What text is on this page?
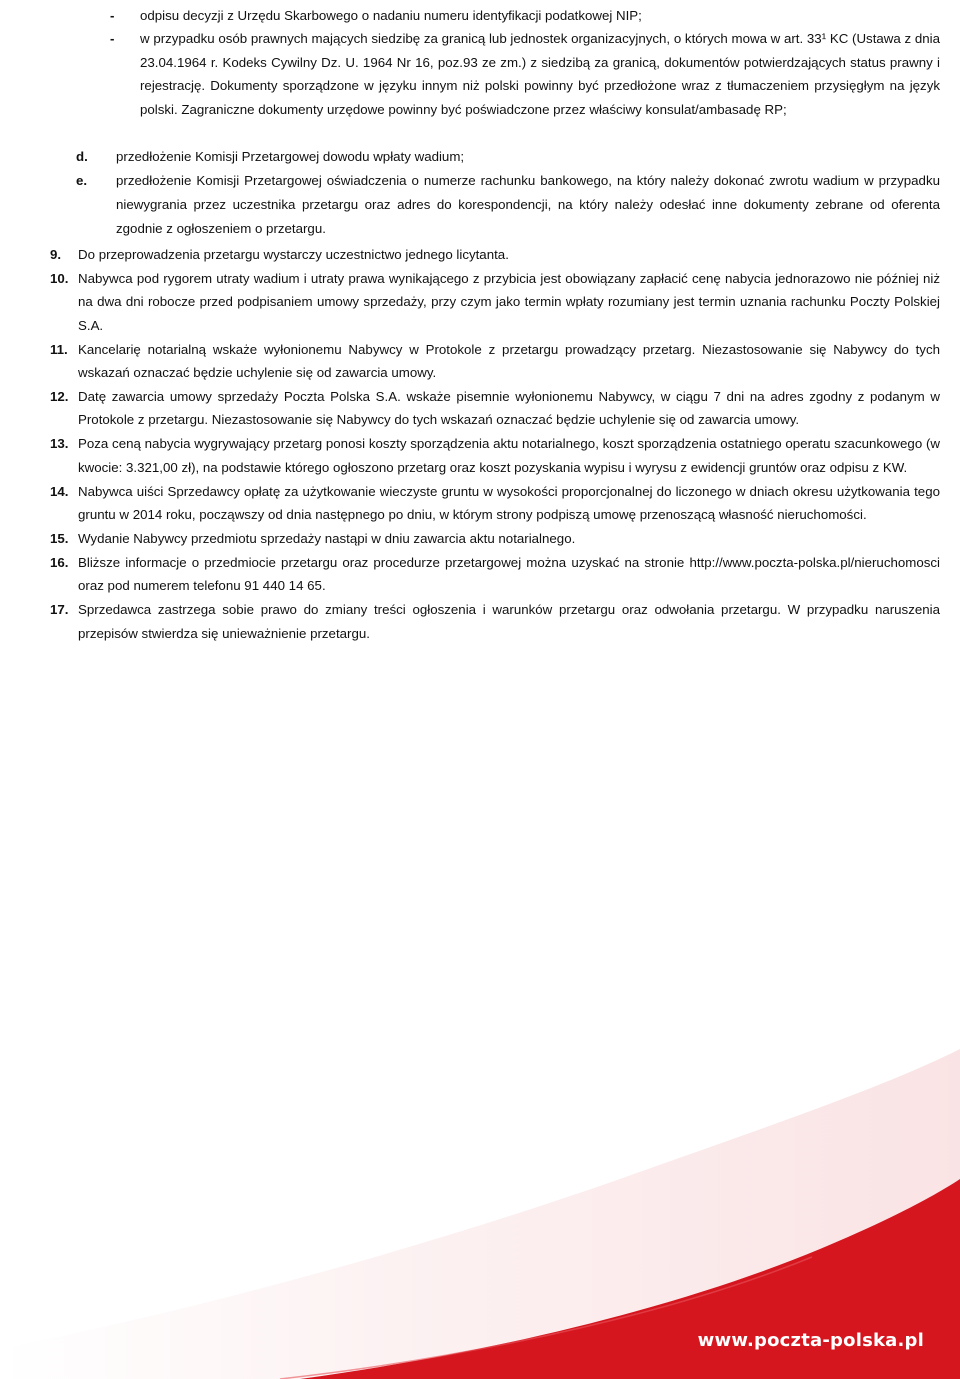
-	odpisu decyzji z Urzędu Skarbowego o nadaniu numeru identyfikacji podatkowej NIP;
-	w przypadku osób prawnych mających siedzibę za granicą lub jednostek organizacyjnych, o których mowa w art. 33¹ KC (Ustawa z dnia 23.04.1964 r. Kodeks Cywilny Dz. U. 1964 Nr 16, poz.93 ze zm.) z siedzibą za granicą, dokumentów potwierdzających status prawny i rejestrację. Dokumenty sporządzone w języku innym niż polski powinny być przedłożone wraz z tłumaczeniem przysięgłym na język polski. Zagraniczne dokumenty urzędowe powinny być poświadczone przez właściwy konsulat/ambasadę RP;
d.	przedłożenie Komisji Przetargowej dowodu wpłaty wadium;
e.	przedłożenie Komisji Przetargowej oświadczenia o numerze rachunku bankowego, na który należy dokonać zwrotu wadium w przypadku niewygrania przez uczestnika przetargu oraz adres do korespondencji, na który należy odesłać inne dokumenty zebrane od oferenta zgodnie z ogłoszeniem o przetargu.
9.	Do przeprowadzenia przetargu wystarczy uczestnictwo jednego licytanta.
10. Nabywca pod rygorem utraty wadium i utraty prawa wynikającego z przybicia jest obowiązany zapłacić cenę nabycia jednorazowo nie później niż na dwa dni robocze przed podpisaniem umowy sprzedaży, przy czym jako termin wpłaty rozumiany jest termin uznania rachunku Poczty Polskiej S.A.
11. Kancelarię notarialną wskaże wyłonionemu Nabywcy w Protokole z przetargu prowadzący przetarg. Niezastosowanie się Nabywcy do tych wskazań oznaczać będzie uchylenie się od zawarcia umowy.
12. Datę zawarcia umowy sprzedaży Poczta Polska S.A. wskaże pisemnie wyłonionemu Nabywcy, w ciągu 7 dni na adres zgodny z podanym w Protokole z przetargu. Niezastosowanie się Nabywcy do tych wskazań oznaczać będzie uchylenie się od zawarcia umowy.
13. Poza ceną nabycia wygrywający przetarg ponosi koszty sporządzenia aktu notarialnego, koszt sporządzenia ostatniego operatu szacunkowego (w kwocie: 3.321,00 zł), na podstawie którego ogłoszono przetarg oraz koszt pozyskania wypisu i wyrysu z ewidencji gruntów oraz odpisu z KW.
14. Nabywca uiści Sprzedawcy opłatę za użytkowanie wieczyste gruntu w wysokości proporcjonalnej do liczonego w dniach okresu użytkowania tego gruntu w 2014 roku, począwszy od dnia następnego po dniu, w którym strony podpiszą umowę przenoszącą własność nieruchomości.
15. Wydanie Nabywcy przedmiotu sprzedaży nastąpi w dniu zawarcia aktu notarialnego.
16. Bliższe informacje o przedmiocie przetargu oraz procedurze przetargowej można uzyskać na stronie http://www.poczta-polska.pl/nieruchomosci oraz pod numerem telefonu 91 440 14 65.
17. Sprzedawca zastrzega sobie prawo do zmiany treści ogłoszenia i warunków przetargu oraz odwołania przetargu. W przypadku naruszenia przepisów stwierdza się unieważnienie przetargu.
www.poczta-polska.pl
